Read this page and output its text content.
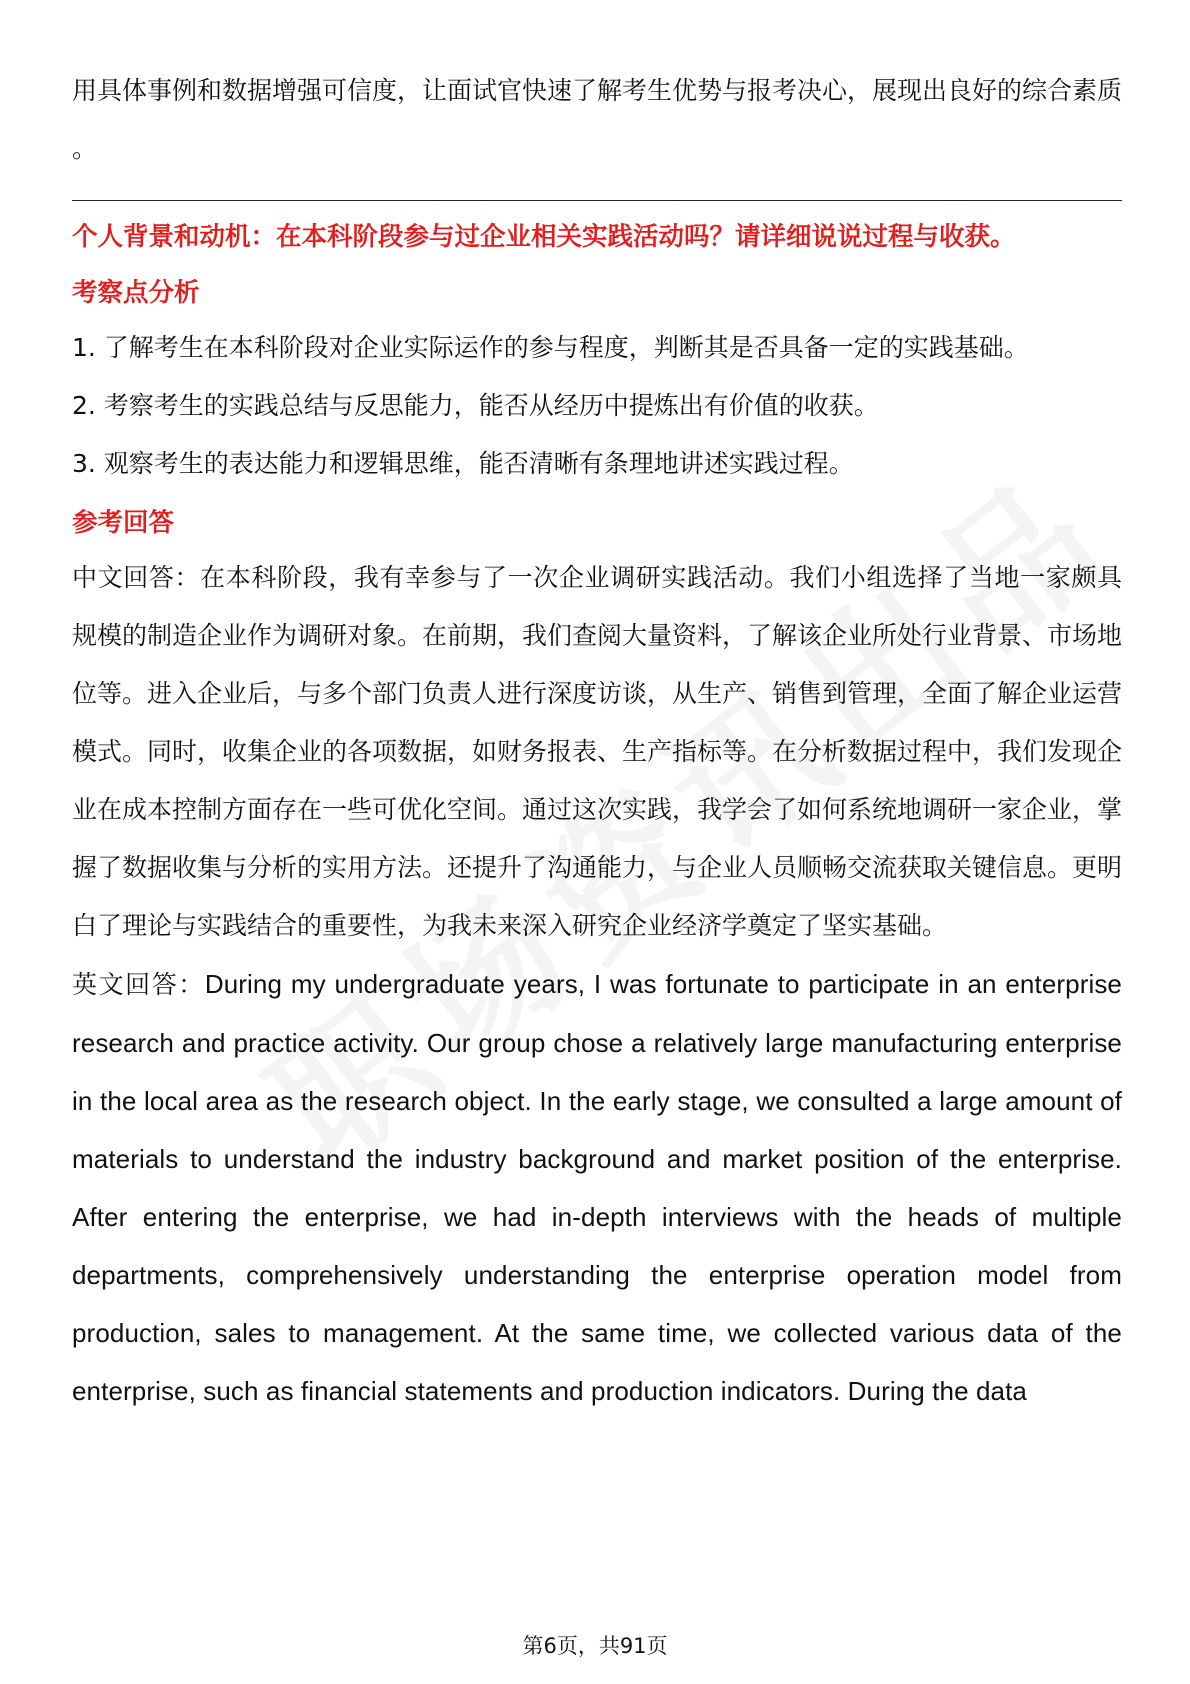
用具体事例和数据增强可信度，让面试官快速了解考生优势与报考决心，展现出良好的综合素质 。

个人背景和动机：在本科阶段参与过企业相关实践活动吗？请详细说说过程与收获。

考察点分析

1. 了解考生在本科阶段对企业实际运作的参与程度，判断其是否具备一定的实践基础。

2. 考察考生的实践总结与反思能力，能否从经历中提炼出有价值的收获。

3. 观察考生的表达能力和逻辑思维，能否清晰有条理地讲述实践过程。

参考回答

中文回答：在本科阶段，我有幸参与了一次企业调研实践活动。我们小组选择了当地一家颇具规模的制造企业作为调研对象。在前期，我们查阅大量资料，了解该企业所处行业背景、市场地位等。进入企业后，与多个部门负责人进行深度访谈，从生产、销售到管理，全面了解企业运营模式。同时，收集企业的各项数据，如财务报表、生产指标等。在分析数据过程中，我们发现企业在成本控制方面存在一些可优化空间。通过这次实践，我学会了如何系统地调研一家企业，掌握了数据收集与分析的实用方法。还提升了沟通能力，与企业人员顺畅交流获取关键信息。更明白了理论与实践结合的重要性，为我未来深入研究企业经济学奠定了坚实基础。

英文回答：During my undergraduate years, I was fortunate to participate in an enterprise research and practice activity. Our group chose a relatively large manufacturing enterprise in the local area as the research object. In the early stage, we consulted a large amount of materials to understand the industry background and market position of the enterprise. After entering the enterprise, we had in-depth interviews with the heads of multiple departments, comprehensively understanding the enterprise operation model from production, sales to management. At the same time, we collected various data of the enterprise, such as financial statements and production indicators. During the data

第6页，共91页
